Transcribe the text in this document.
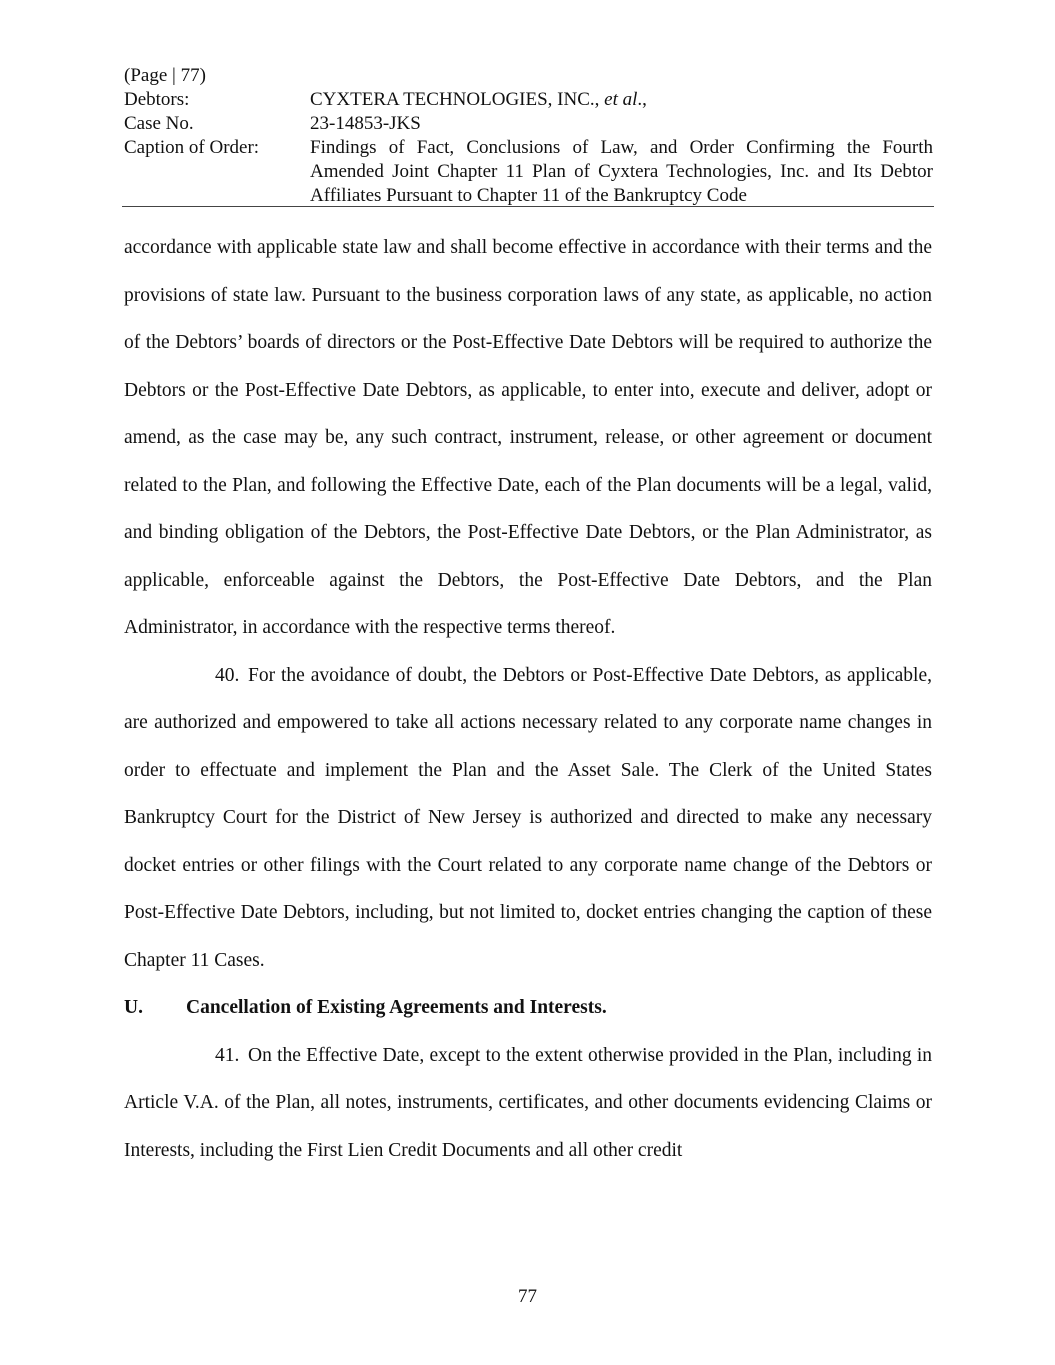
(Page | 77)
Debtors:	CYXTERA TECHNOLOGIES, INC., et al.,
Case No.	23-14853-JKS
Caption of Order:	Findings of Fact, Conclusions of Law, and Order Confirming the Fourth Amended Joint Chapter 11 Plan of Cyxtera Technologies, Inc. and Its Debtor Affiliates Pursuant to Chapter 11 of the Bankruptcy Code

accordance with applicable state law and shall become effective in accordance with their terms and the provisions of state law. Pursuant to the business corporation laws of any state, as applicable, no action of the Debtors’ boards of directors or the Post-Effective Date Debtors will be required to authorize the Debtors or the Post-Effective Date Debtors, as applicable, to enter into, execute and deliver, adopt or amend, as the case may be, any such contract, instrument, release, or other agreement or document related to the Plan, and following the Effective Date, each of the Plan documents will be a legal, valid, and binding obligation of the Debtors, the Post-Effective Date Debtors, or the Plan Administrator, as applicable, enforceable against the Debtors, the Post-Effective Date Debtors, and the Plan Administrator, in accordance with the respective terms thereof.

40. For the avoidance of doubt, the Debtors or Post-Effective Date Debtors, as applicable, are authorized and empowered to take all actions necessary related to any corporate name changes in order to effectuate and implement the Plan and the Asset Sale. The Clerk of the United States Bankruptcy Court for the District of New Jersey is authorized and directed to make any necessary docket entries or other filings with the Court related to any corporate name change of the Debtors or Post-Effective Date Debtors, including, but not limited to, docket entries changing the caption of these Chapter 11 Cases.

U.	Cancellation of Existing Agreements and Interests.

41. On the Effective Date, except to the extent otherwise provided in the Plan, including in Article V.A. of the Plan, all notes, instruments, certificates, and other documents evidencing Claims or Interests, including the First Lien Credit Documents and all other credit

77
